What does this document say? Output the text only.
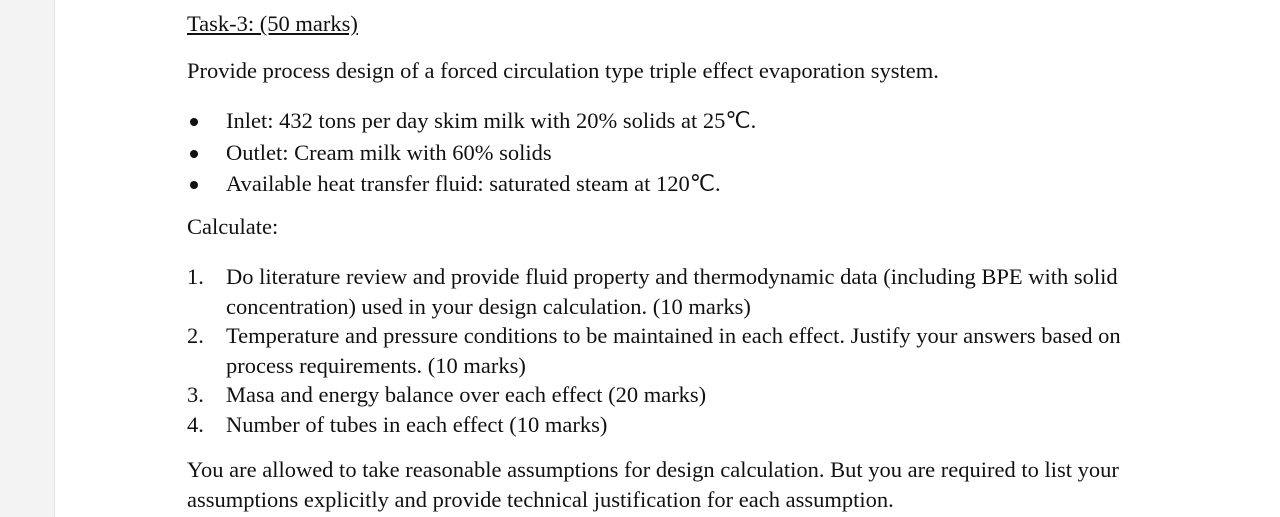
Task-3: (50 marks)
Provide process design of a forced circulation type triple effect evaporation system.
Inlet: 432 tons per day skim milk with 20% solids at 25℃.
Outlet: Cream milk with 60% solids
Available heat transfer fluid: saturated steam at 120℃.
Calculate:
1. Do literature review and provide fluid property and thermodynamic data (including BPE with solid concentration) used in your design calculation. (10 marks)
2. Temperature and pressure conditions to be maintained in each effect. Justify your answers based on process requirements. (10 marks)
3. Masa and energy balance over each effect (20 marks)
4. Number of tubes in each effect (10 marks)
You are allowed to take reasonable assumptions for design calculation. But you are required to list your assumptions explicitly and provide technical justification for each assumption.
